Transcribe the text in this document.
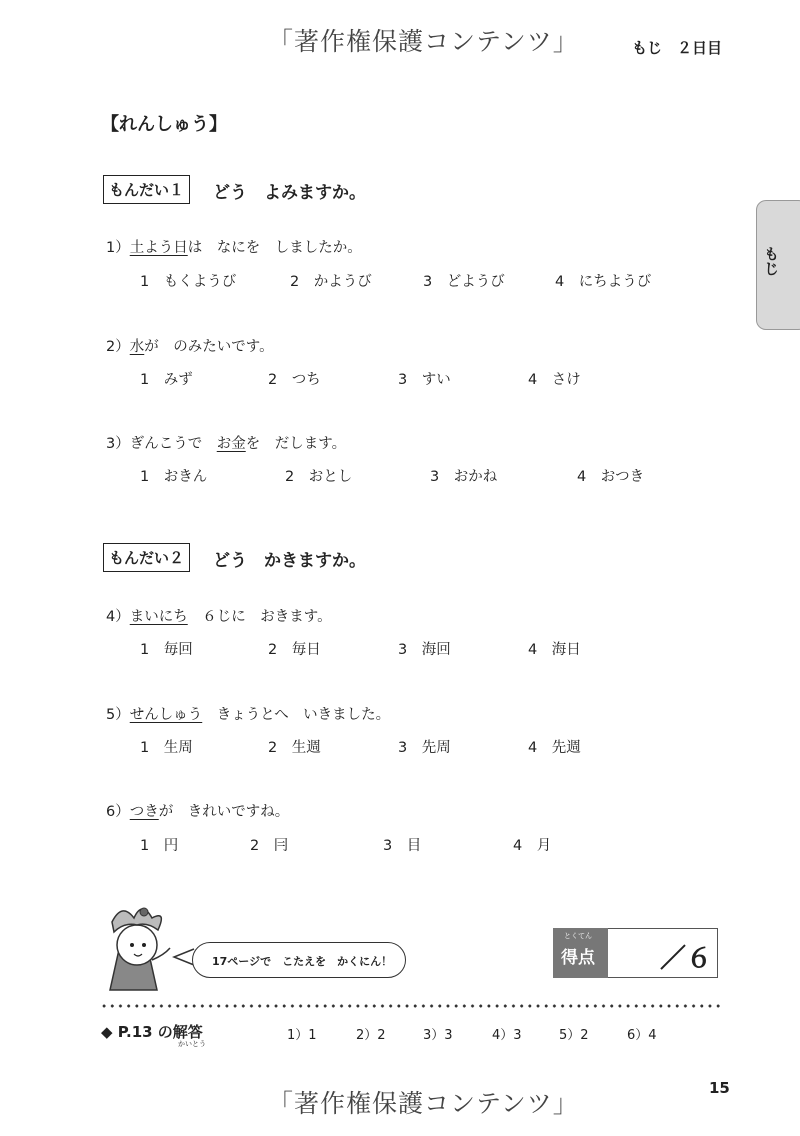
「著作権保護コンテンツ」
「著作権保護コンテンツ」
もじ　２日目
もじ
【れんしゅう】
もんだい１	どう　よみますか。
1）土よう日は　なにを　しましたか。
1　もくようび	2　かようび	3　どようび	4　にちようび
2）水が　のみたいです。
1　みず	2　つち	3　すい	4　さけ
3）ぎんこうで　お金を　だします。
1　おきん	2　おとし	3　おかね	4　おつき
もんだい２	どう　かきますか。
4）まいにち　６じに　おきます。
1　毎回	2　毎日	3　海回	4　海日
5）せんしゅう　きょうとへ　いきました。
1　生周	2　生週	3　先周	4　先週
6）つきが　きれいですね。
1　円	2　冃	3　目	4　月
17ページで　こたえを　かくにん！
とくてん
得点	／６
◆ P.13 の解答
かいとう
1）1	2）2	3）3	4）3	5）2	6）4
15
